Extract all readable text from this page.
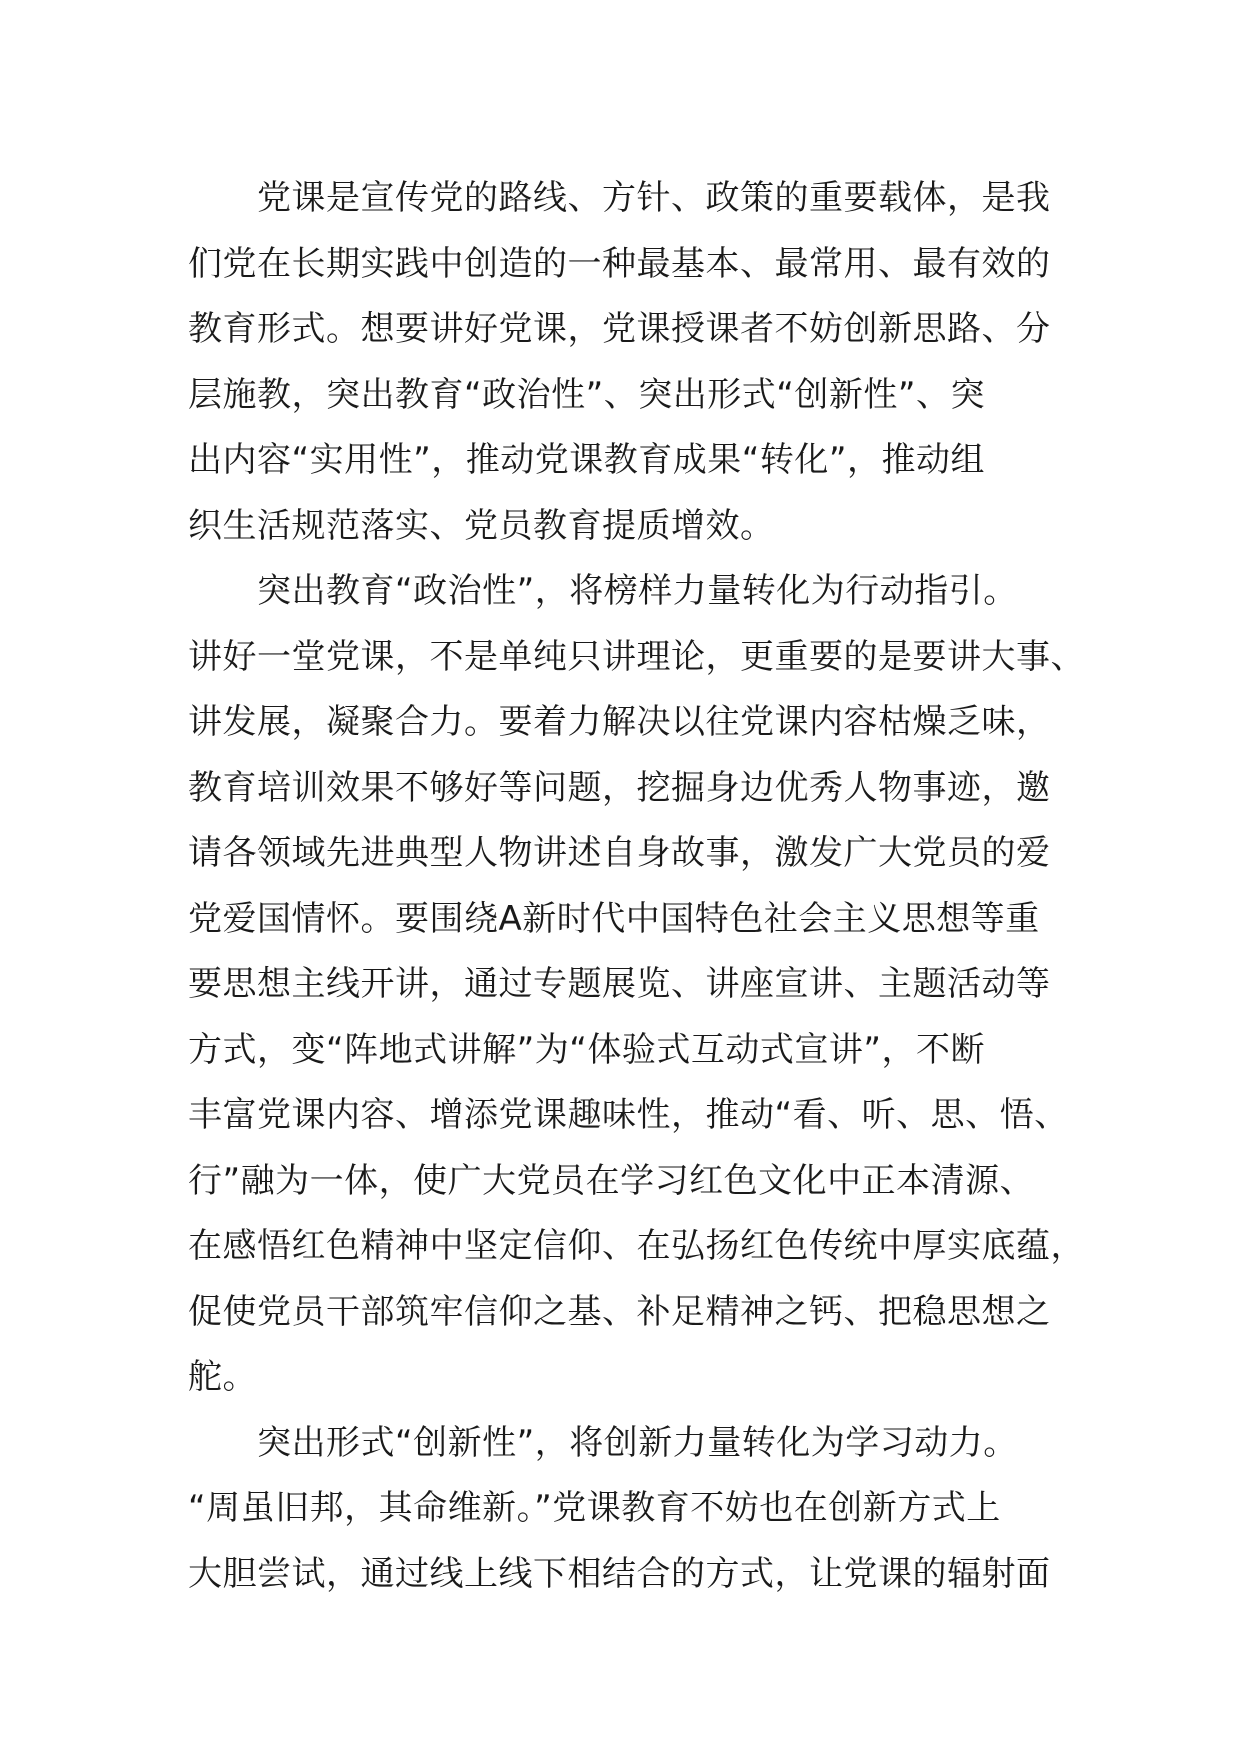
　　党课是宣传党的路线、方针、政策的重要载体，是我
们党在长期实践中创造的一种最基本、最常用、最有效的
教育形式。想要讲好党课，党课授课者不妨创新思路、分
层施教，突出教育“政治性”、突出形式“创新性”、突
出内容“实用性”，推动党课教育成果“转化”，推动组
织生活规范落实、党员教育提质增效。
　　突出教育“政治性”，将榜样力量转化为行动指引。
讲好一堂党课，不是单纯只讲理论，更重要的是要讲大事、
讲发展，凝聚合力。要着力解决以往党课内容枯燥乏味，
教育培训效果不够好等问题，挖掘身边优秀人物事迹，邀
请各领域先进典型人物讲述自身故事，激发广大党员的爱
党爱国情怀。要围绕A新时代中国特色社会主义思想等重
要思想主线开讲，通过专题展览、讲座宣讲、主题活动等
方式，变“阵地式讲解”为“体验式互动式宣讲”，不断
丰富党课内容、增添党课趣味性，推动“看、听、思、悟、
行”融为一体，使广大党员在学习红色文化中正本清源、
在感悟红色精神中坚定信仰、在弘扬红色传统中厚实底蕴，
促使党员干部筑牢信仰之基、补足精神之钙、把稳思想之
舵。
　　突出形式“创新性”，将创新力量转化为学习动力。
“周虽旧邦，其命维新。”党课教育不妨也在创新方式上
大胆尝试，通过线上线下相结合的方式，让党课的辐射面
